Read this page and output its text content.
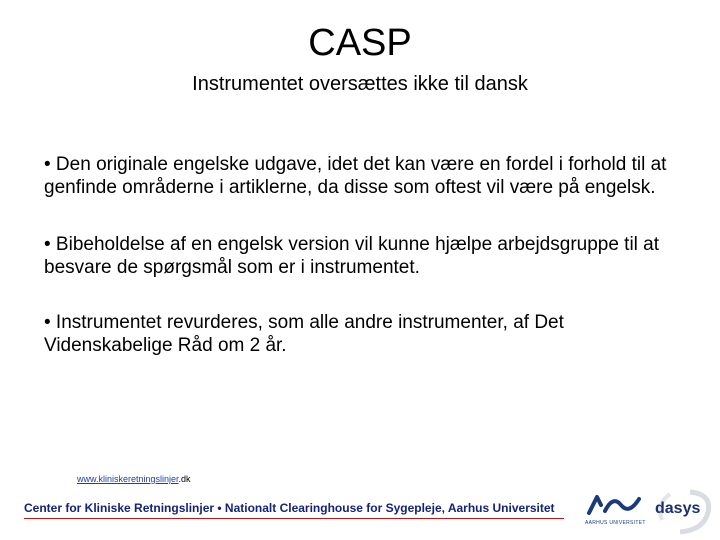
CASP
Instrumentet oversættes ikke til dansk
• Den originale engelske udgave, idet det kan være en fordel i forhold til at genfinde områderne i artiklerne, da disse som oftest vil være på engelsk.
• Bibeholdelse af en engelsk version vil kunne hjælpe arbejdsgruppe til at besvare de spørgsmål som er i instrumentet.
• Instrumentet revurderes, som alle andre instrumenter, af Det Videnskabelige Råd om 2 år.
www.kliniskeretningslinjer.dk
Center for Kliniske Retningslinjer • Nationalt Clearinghouse for Sygepleje, Aarhus Universitet
AARHUS UNIVERSITET
dasys
